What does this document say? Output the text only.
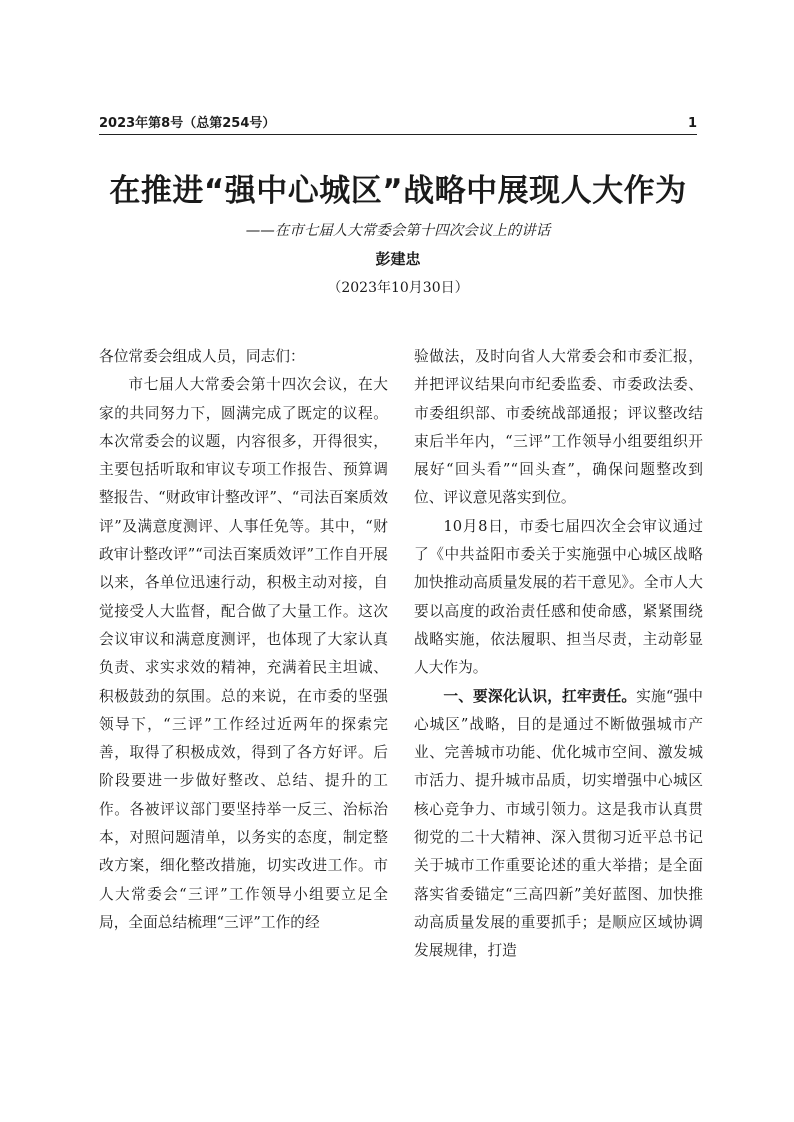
2023年第8号（总第254号）	1
在推进“强中心城区”战略中展现人大作为
——在市七届人大常委会第十四次会议上的讲话
彭建忠
（2023年10月30日）

各位常委会组成人员，同志们：

市七届人大常委会第十四次会议，在大家的共同努力下，圆满完成了既定的议程。本次常委会的议题，内容很多，开得很实，主要包括听取和审议专项工作报告、预算调整报告、“财政审计整改评”、“司法百案质效评”及满意度测评、人事任免等。其中，“财政审计整改评”“司法百案质效评”工作自开展以来，各单位迅速行动，积极主动对接，自觉接受人大监督，配合做了大量工作。这次会议审议和满意度测评，也体现了大家认真负责、求实求效的精神，充满着民主坦诚、积极鼓劲的氛围。总的来说，在市委的坚强领导下，“三评”工作经过近两年的探索完善，取得了积极成效，得到了各方好评。后阶段要进一步做好整改、总结、提升的工作。各被评议部门要坚持举一反三、治标治本，对照问题清单，以务实的态度，制定整改方案，细化整改措施，切实改进工作。市人大常委会“三评”工作领导小组要立足全局，全面总结梳理“三评”工作的经

验做法，及时向省人大常委会和市委汇报，并把评议结果向市纪委监委、市委政法委、市委组织部、市委统战部通报；评议整改结束后半年内，“三评”工作领导小组要组织开展好“回头看”“回头查”，确保问题整改到位、评议意见落实到位。

10月8日，市委七届四次全会审议通过了《中共益阳市委关于实施强中心城区战略 加快推动高质量发展的若干意见》。全市人大要以高度的政治责任感和使命感，紧紧围绕战略实施，依法履职、担当尽责，主动彰显人大作为。

一、要深化认识，扛牢责任。实施“强中心城区”战略，目的是通过不断做强城市产业、完善城市功能、优化城市空间、激发城市活力、提升城市品质，切实增强中心城区核心竞争力、市域引领力。这是我市认真贯彻党的二十大精神、深入贯彻习近平总书记关于城市工作重要论述的重大举措；是全面落实省委锚定“三高四新”美好蓝图、加快推动高质量发展的重要抓手；是顺应区域协调发展规律，打造
